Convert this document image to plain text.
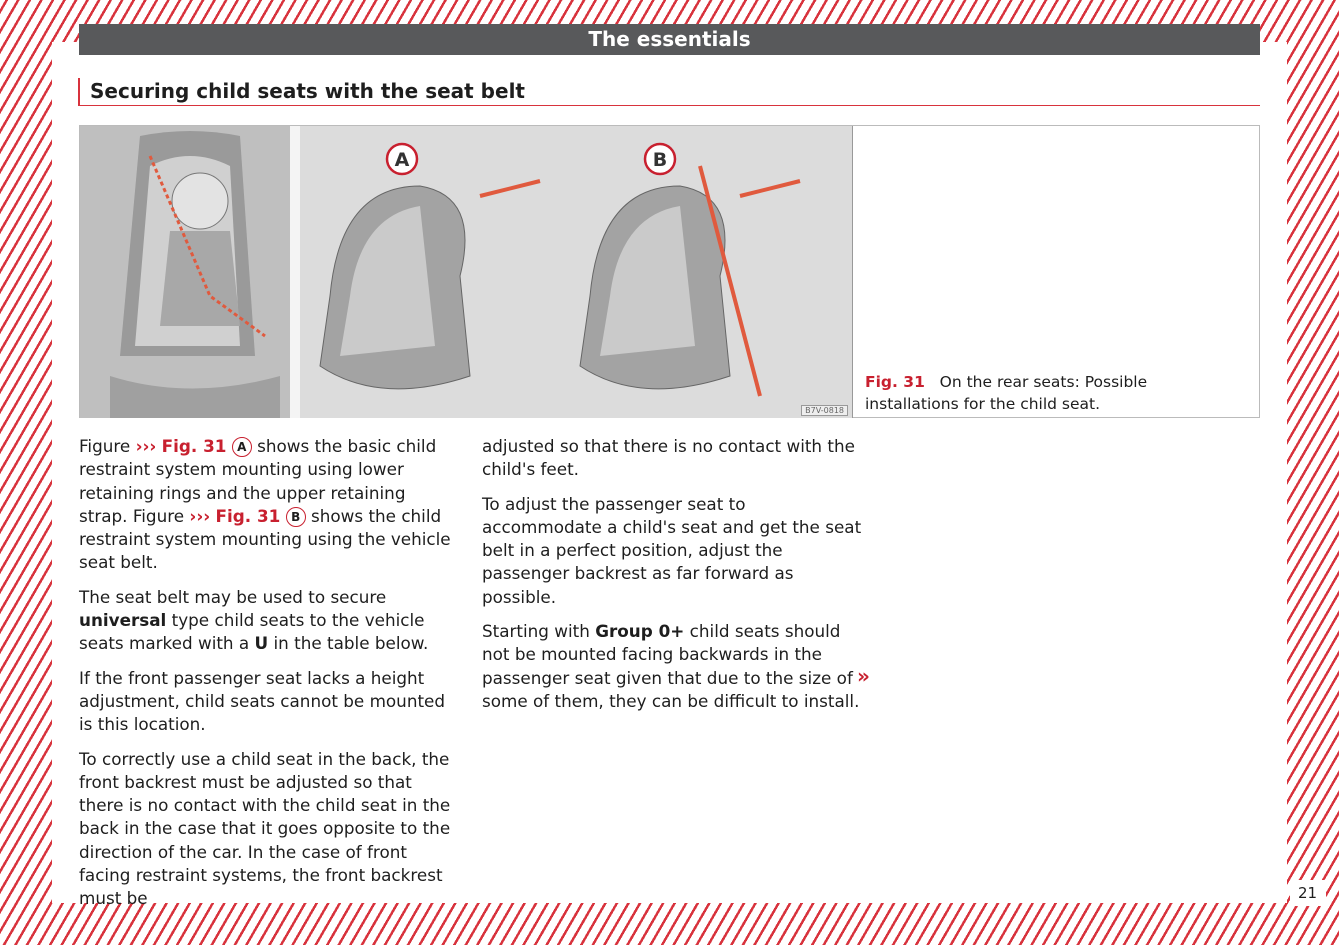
The essentials
Securing child seats with the seat belt
A	B
B7V-0818
Fig. 31 On the rear seats: Possible installations for the child seat.

Figure ››› Fig. 31 A shows the basic child restraint system mounting using lower retaining rings and the upper retaining strap. Figure ››› Fig. 31 B shows the child restraint system mounting using the vehicle seat belt.

The seat belt may be used to secure universal type child seats to the vehicle seats marked with a U in the table below.

If the front passenger seat lacks a height adjustment, child seats cannot be mounted is this location.

To correctly use a child seat in the back, the front backrest must be adjusted so that there is no contact with the child seat in the back in the case that it goes opposite to the direction of the car. In the case of front facing restraint systems, the front backrest must be

adjusted so that there is no contact with the child's feet.

To adjust the passenger seat to accommodate a child's seat and get the seat belt in a perfect position, adjust the passenger backrest as far forward as possible.

Starting with Group 0+ child seats should not be mounted facing backwards in the passenger seat given that due to the size of some of them, they can be difficult to install.

»
21
